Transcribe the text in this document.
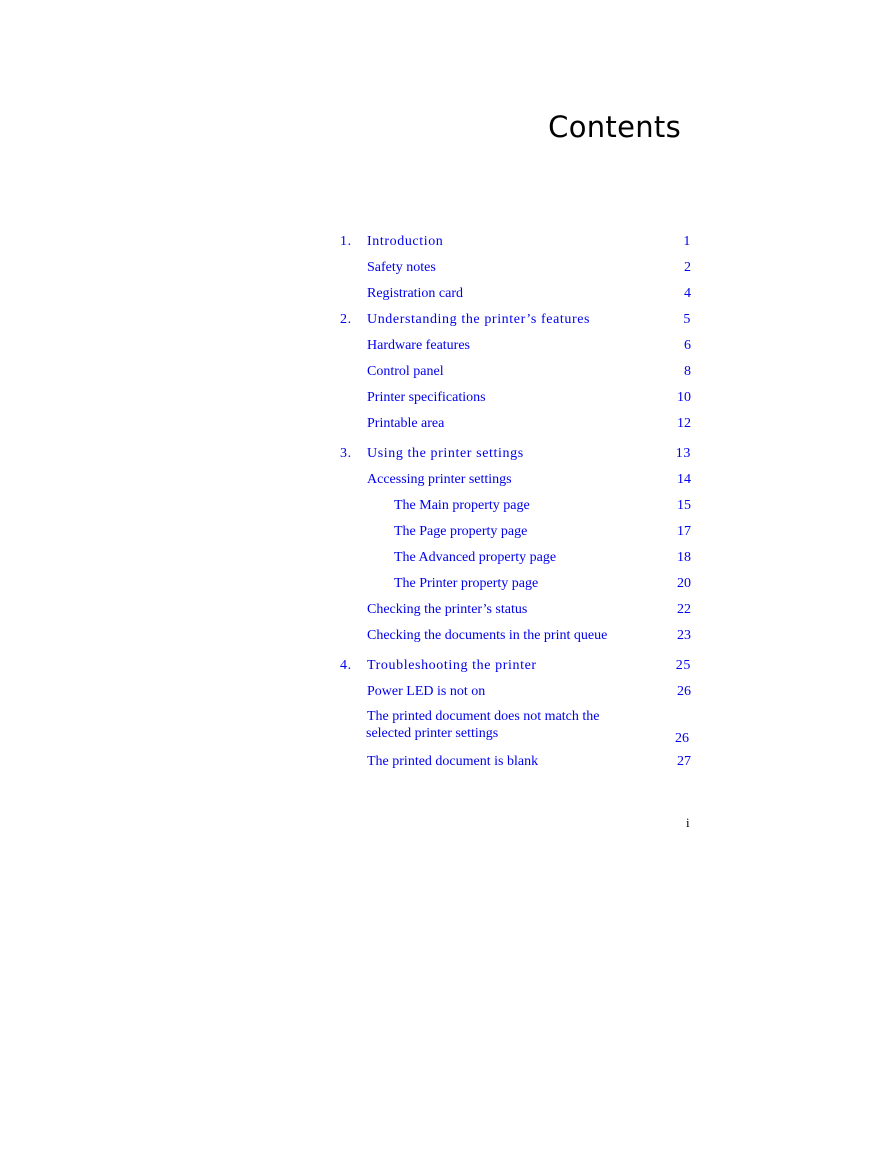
Contents
1. Introduction	1
Safety notes	2
Registration card	4
2. Understanding the printer’s features	5
Hardware features	6
Control panel	8
Printer specifications	10
Printable area	12
3. Using the printer settings	13
Accessing printer settings	14
The Main property page	15
The Page property page	17
The Advanced property page	18
The Printer property page	20
Checking the printer’s status	22
Checking the documents in the print queue	23
4. Troubleshooting the printer	25
Power LED is not on	26
The printed document does not match the selected printer settings	26
The printed document is blank	27
i
